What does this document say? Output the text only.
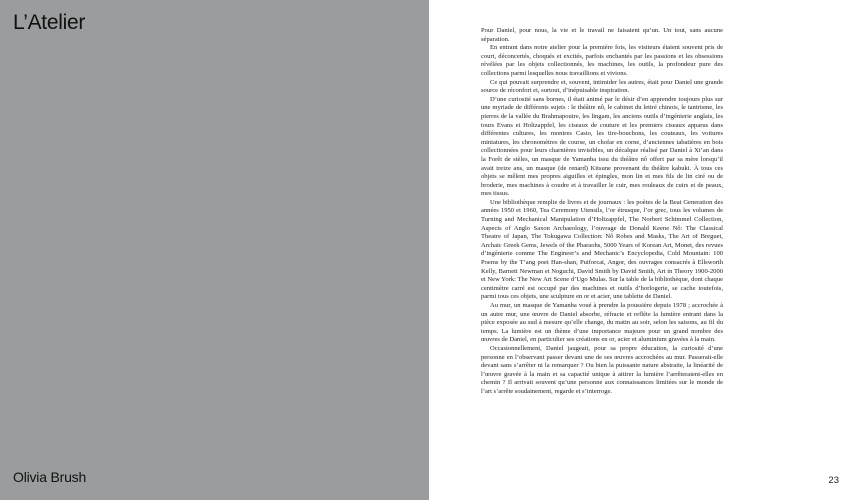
L’Atelier
Olivia Brush

Pour Daniel, pour nous, la vie et le travail ne faisaient qu’un. Un tout, sans aucune séparation.

En entrant dans notre atelier pour la première fois, les visiteurs étaient souvent pris de court, déconcertés, choqués et excités, parfois enchantés par les passions et les obsessions révélées par les objets collectionnés, les machines, les outils, la profondeur pure des collections parmi lesquelles nous travaillions et vivions.

Ce qui pouvait surprendre et, souvent, intimider les autres, était pour Daniel une grande source de réconfort et, surtout, d’inépuisable inspiration.

D’une curiosité sans bornes, il était animé par le désir d’en apprendre toujours plus sur une myriade de différents sujets : le théâtre nô, le cabinet du lettré chinois, le tantrisme, les pierres de la vallée du Brahmapoutre, les lingam, les anciens outils d’ingénierie anglais, les tours Evans et Holtzappfel, les ciseaux de couture et les premiers ciseaux apparus dans différentes cultures, les montres Casio, les tire-bouchons, les couteaux, les voitures miniatures, les chronomètres de course, un chofar en corne, d’anciennes tabatières en bois collectionnées pour leurs charnières invisibles, un décalque réalisé par Daniel à Xi’an dans la Forêt de stèles, un masque de Yamanba issu du théâtre nô offert par sa mère lorsqu’il avait treize ans, un masque (de renard) Kitsune provenant du théâtre kabuki. À tous ces objets se mêlent mes propres aiguilles et épingles, mon lin et mes fils de lin ciré ou de broderie, mes machines à coudre et à travailler le cuir, mes rouleaux de cuirs et de peaux, mes tissus.

Une bibliothèque remplie de livres et de journaux : les poètes de la Beat Generation des années 1950 et 1960, Tea Ceremony Utensils, l’or étrusque, l’or grec, tous les volumes de Turning and Mechanical Manipulation d’Holtzappfel, The Norbert Schimmel Collection, Aspects of Anglo Saxon Archaeology, l’ouvrage de Donald Keene Nô: The Classical Theatre of Japan, The Tokugawa Collection: Nô Robes and Masks, The Art of Breguet, Archaic Greek Gems, Jewels of the Pharaohs, 5000 Years of Korean Art, Monet, des revues d’ingénierie comme The Engineer’s and Mechanic’s Encyclopedia, Cold Mountain: 100 Poems by the T’ang poet Han-shan, Puiforcat, Angor, des ouvrages consacrés à Ellsworth Kelly, Barnett Newman et Noguchi, David Smith by David Smith, Art in Theory 1900-2000 et New York: The New Art Scene d’Ugo Mulas. Sur la table de la bibliothèque, dont chaque centimètre carré est occupé par des machines et outils d’horlogerie, se cache toutefois, parmi tous ces objets, une sculpture en or et acier, une tablette de Daniel.

Au mur, un masque de Yamanba voué à prendre la poussière depuis 1978 ; accrochée à un autre mur, une œuvre de Daniel absorbe, réfracte et reflète la lumière entrant dans la pièce exposée au sud à mesure qu’elle change, du matin au soir, selon les saisons, au fil du temps. La lumière est un thème d’une importance majeure pour un grand nombre des œuvres de Daniel, en particulier ses créations en or, acier et aluminium gravées à la main.

Occasionnellement, Daniel jaugeait, pour sa propre éducation, la curiosité d’une personne en l’observant passer devant une de ses œuvres accrochées au mur. Passerait-elle devant sans s’arrêter ni la remarquer ? Ou bien la puissante nature abstraite, la linéarité de l’œuvre gravée à la main et sa capacité unique à attirer la lumière l’arrêteraient-elles en chemin ? Il arrivait souvent qu’une personne aux connaissances limitées sur le monde de l’art s’arrête soudainement, regarde et s’interroge.

23
